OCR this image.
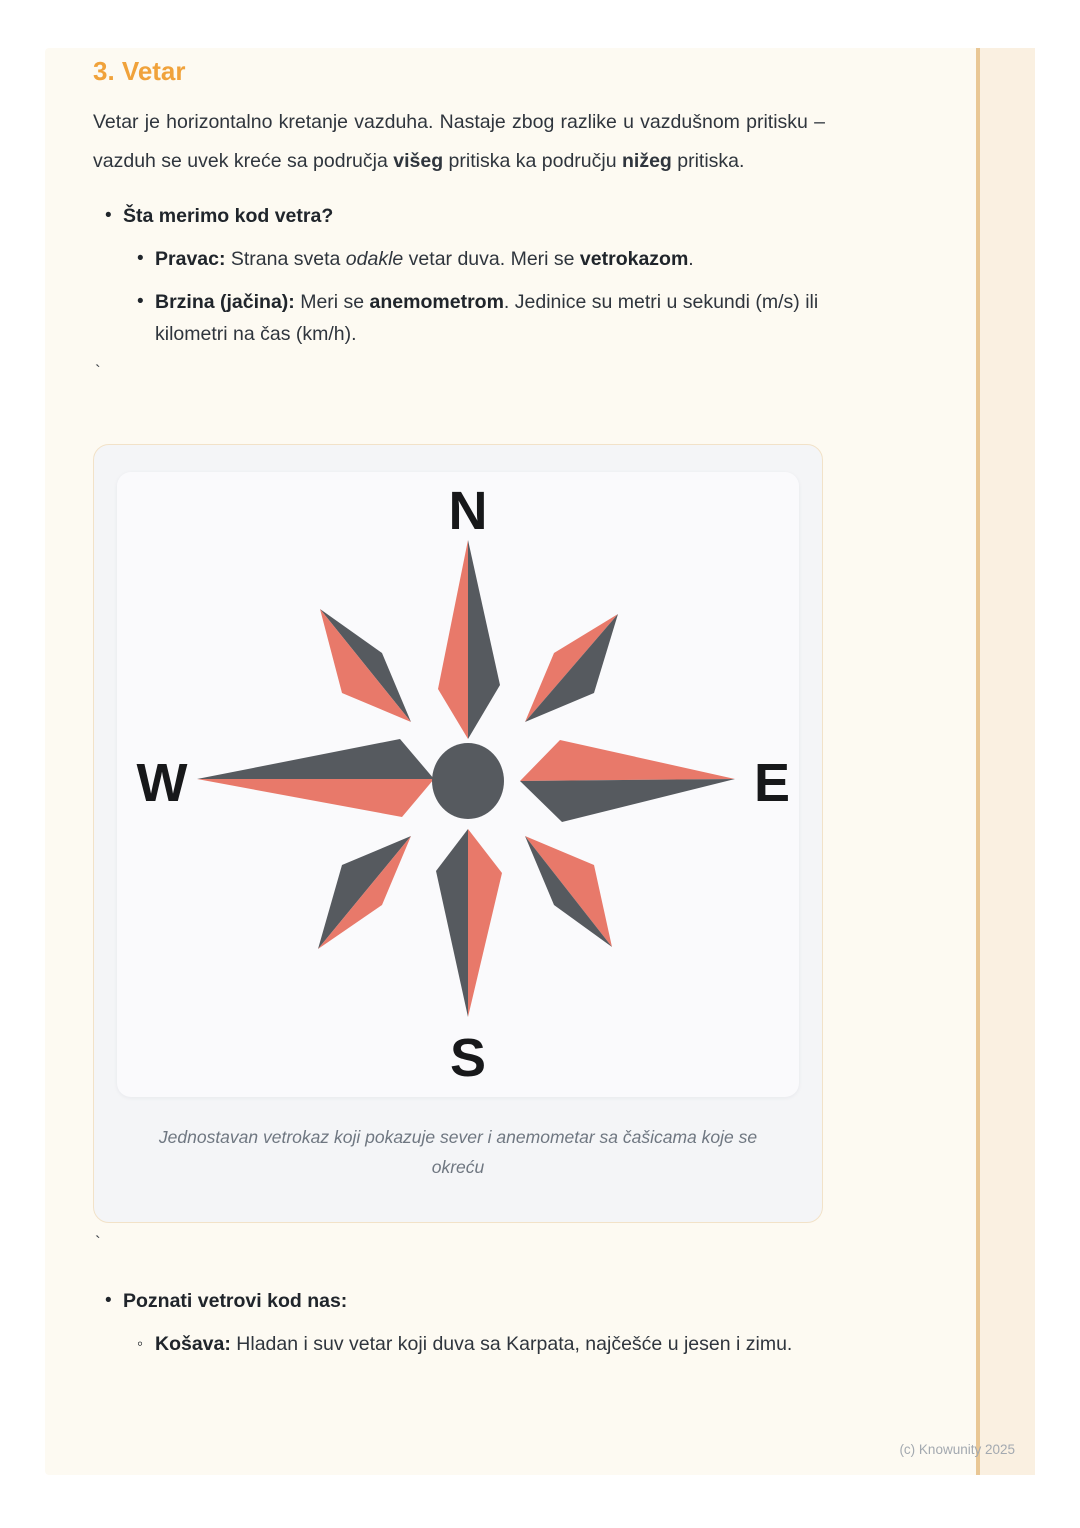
3. Vetar

Vetar je horizontalno kretanje vazduha. Nastaje zbog razlike u vazdušnom pritisku – vazduh se uvek kreće sa područja višeg pritiska ka području nižeg pritiska.

•
Šta merimo kod vetra?
•
Pravac: Strana sveta odakle vetar duva. Meri se vetrokazom.
•
Brzina (jačina): Meri se anemometrom. Jedinice su metri u sekundi (m/s) ili kilometri na čas (km/h).
`
N
S
W	E
Jednostavan vetrokaz koji pokazuje sever i anemometar sa čašicama koje se okreću
`
•
Poznati vetrovi kod nas:
◦
Košava: Hladan i suv vetar koji duva sa Karpata, najčešće u jesen i zimu.
(c) Knowunity 2025
